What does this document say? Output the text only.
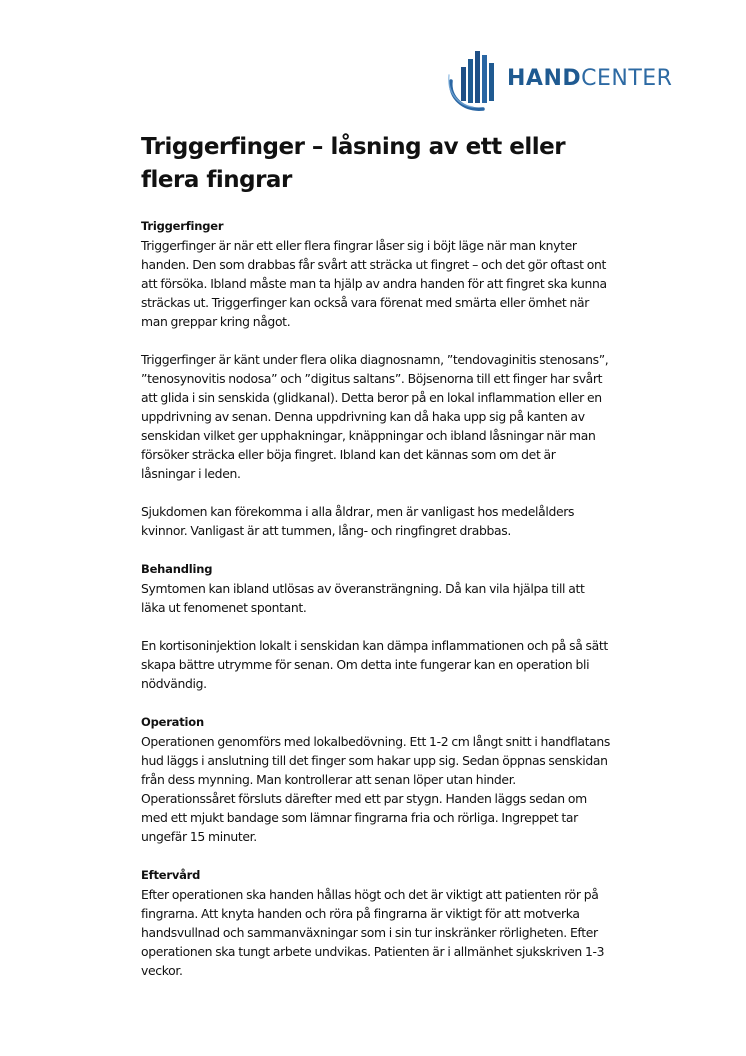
HANDCENTER
Triggerfinger – låsning av ett eller flera fingrar
Triggerfinger

Triggerfinger är när ett eller flera fingrar låser sig i böjt läge när man knyter handen. Den som drabbas får svårt att sträcka ut fingret – och det gör oftast ont att försöka. Ibland måste man ta hjälp av andra handen för att fingret ska kunna sträckas ut. Triggerfinger kan också vara förenat med smärta eller ömhet när man greppar kring något.

Triggerfinger är känt under flera olika diagnosnamn, ”tendovaginitis stenosans”, ”tenosynovitis nodosa” och ”digitus saltans”. Böjsenorna till ett finger har svårt att glida i sin senskida (glidkanal). Detta beror på en lokal inflammation eller en uppdrivning av senan. Denna uppdrivning kan då haka upp sig på kanten av senskidan vilket ger upphakningar, knäppningar och ibland låsningar när man försöker sträcka eller böja fingret. Ibland kan det kännas som om det är låsningar i leden.

Sjukdomen kan förekomma i alla åldrar, men är vanligast hos medelålders kvinnor. Vanligast är att tummen, lång- och ringfingret drabbas.

Behandling

Symtomen kan ibland utlösas av överansträngning. Då kan vila hjälpa till att läka ut fenomenet spontant.

En kortisoninjektion lokalt i senskidan kan dämpa inflammationen och på så sätt skapa bättre utrymme för senan. Om detta inte fungerar kan en operation bli nödvändig.

Operation

Operationen genomförs med lokalbedövning. Ett 1-2 cm långt snitt i handflatans hud läggs i anslutning till det finger som hakar upp sig. Sedan öppnas senskidan från dess mynning. Man kontrollerar att senan löper utan hinder. Operationssåret försluts därefter med ett par stygn. Handen läggs sedan om med ett mjukt bandage som lämnar fingrarna fria och rörliga. Ingreppet tar ungefär 15 minuter.

Eftervård

Efter operationen ska handen hållas högt och det är viktigt att patienten rör på fingrarna. Att knyta handen och röra på fingrarna är viktigt för att motverka handsvullnad och sammanväxningar som i sin tur inskränker rörligheten. Efter operationen ska tungt arbete undvikas. Patienten är i allmänhet sjukskriven 1-3 veckor.
